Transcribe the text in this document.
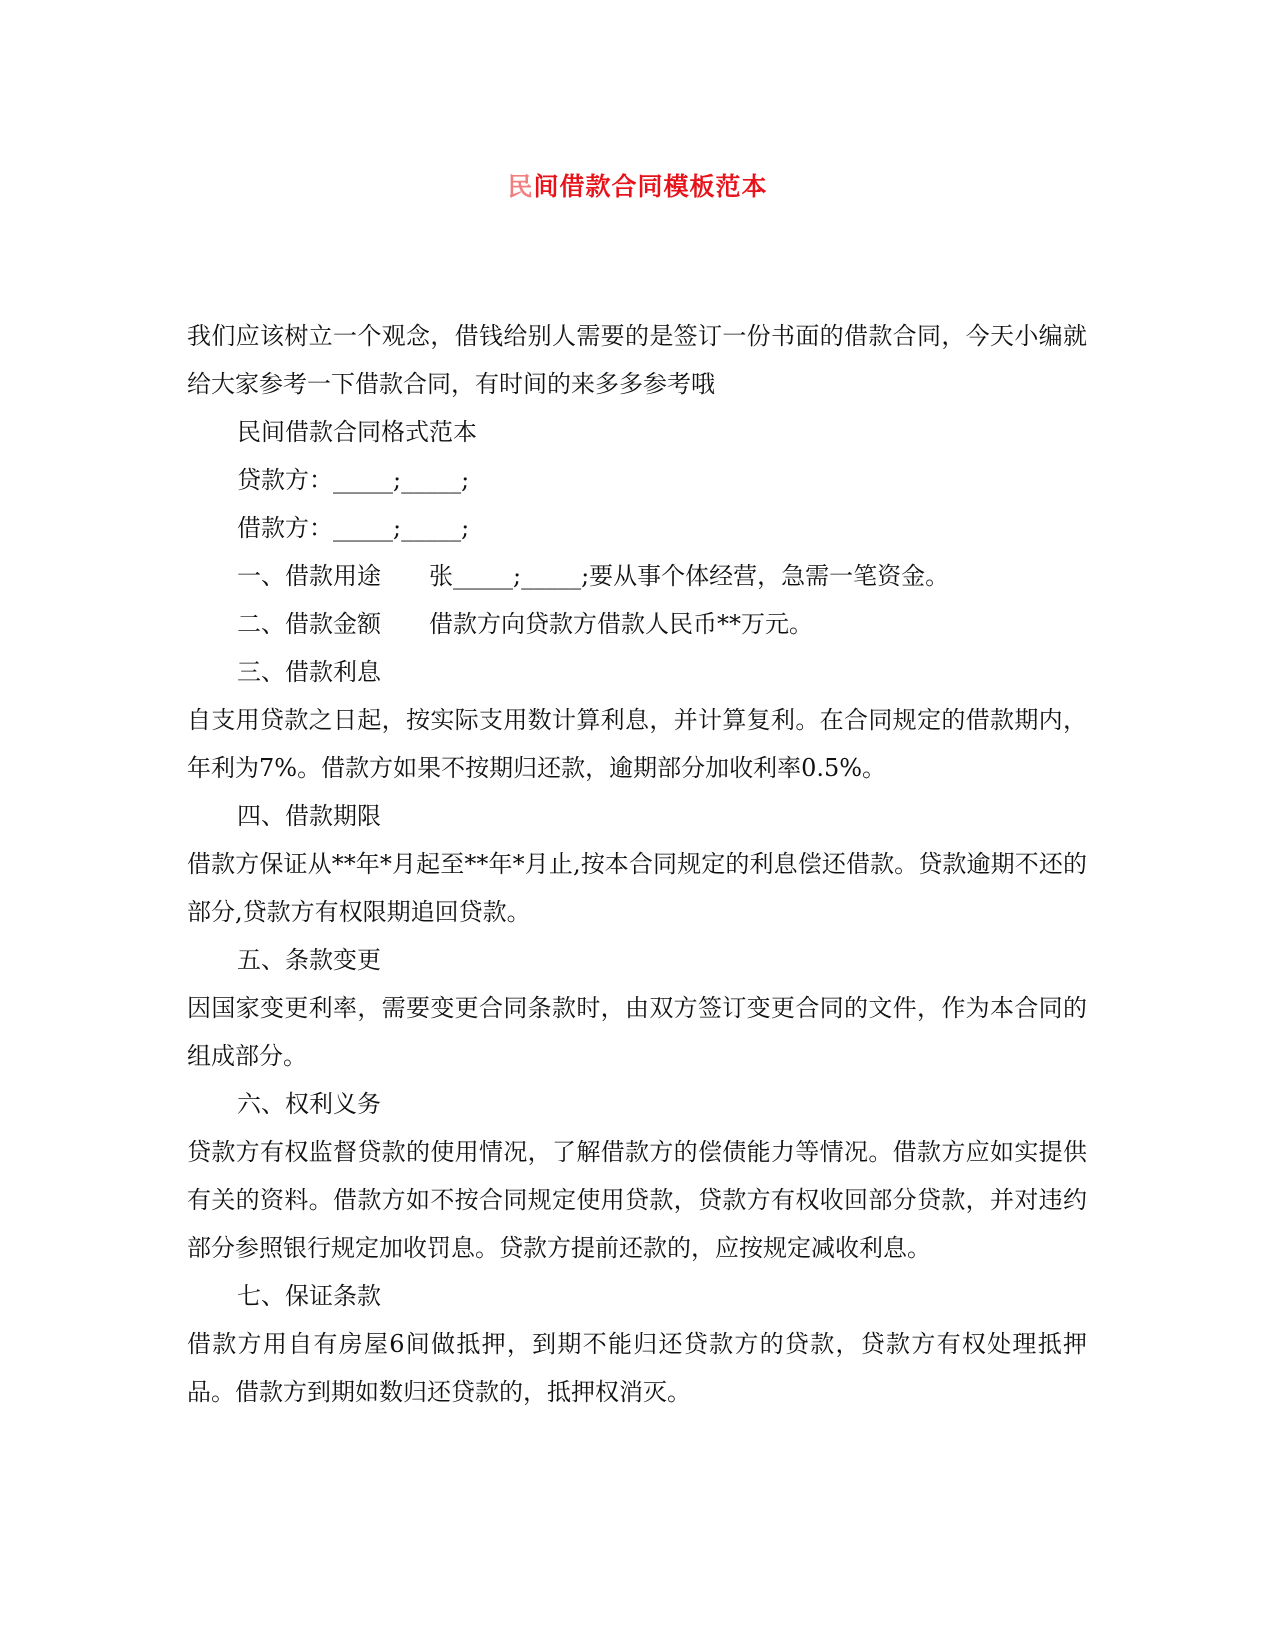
民间借款合同模板范本

我们应该树立一个观念，借钱给别人需要的是签订一份书面的借款合同，今天小编就给大家参考一下借款合同，有时间的来多多参考哦

民间借款合同格式范本

贷款方：_____;_____;

借款方：_____;_____;

一、借款用途 张_____;_____;要从事个体经营，急需一笔资金。

二、借款金额 借款方向贷款方借款人民币**万元。

三、借款利息

自支用贷款之日起，按实际支用数计算利息，并计算复利。在合同规定的借款期内，年利为7%。借款方如果不按期归还款，逾期部分加收利率0.5%。

四、借款期限

借款方保证从**年*月起至**年*月止,按本合同规定的利息偿还借款。贷款逾期不还的部分,贷款方有权限期追回贷款。

五、条款变更

因国家变更利率，需要变更合同条款时，由双方签订变更合同的文件，作为本合同的组成部分。

六、权利义务

贷款方有权监督贷款的使用情况，了解借款方的偿债能力等情况。借款方应如实提供有关的资料。借款方如不按合同规定使用贷款，贷款方有权收回部分贷款，并对违约部分参照银行规定加收罚息。贷款方提前还款的，应按规定减收利息。

七、保证条款

借款方用自有房屋6间做抵押，到期不能归还贷款方的贷款，贷款方有权处理抵押品。借款方到期如数归还贷款的，抵押权消灭。
